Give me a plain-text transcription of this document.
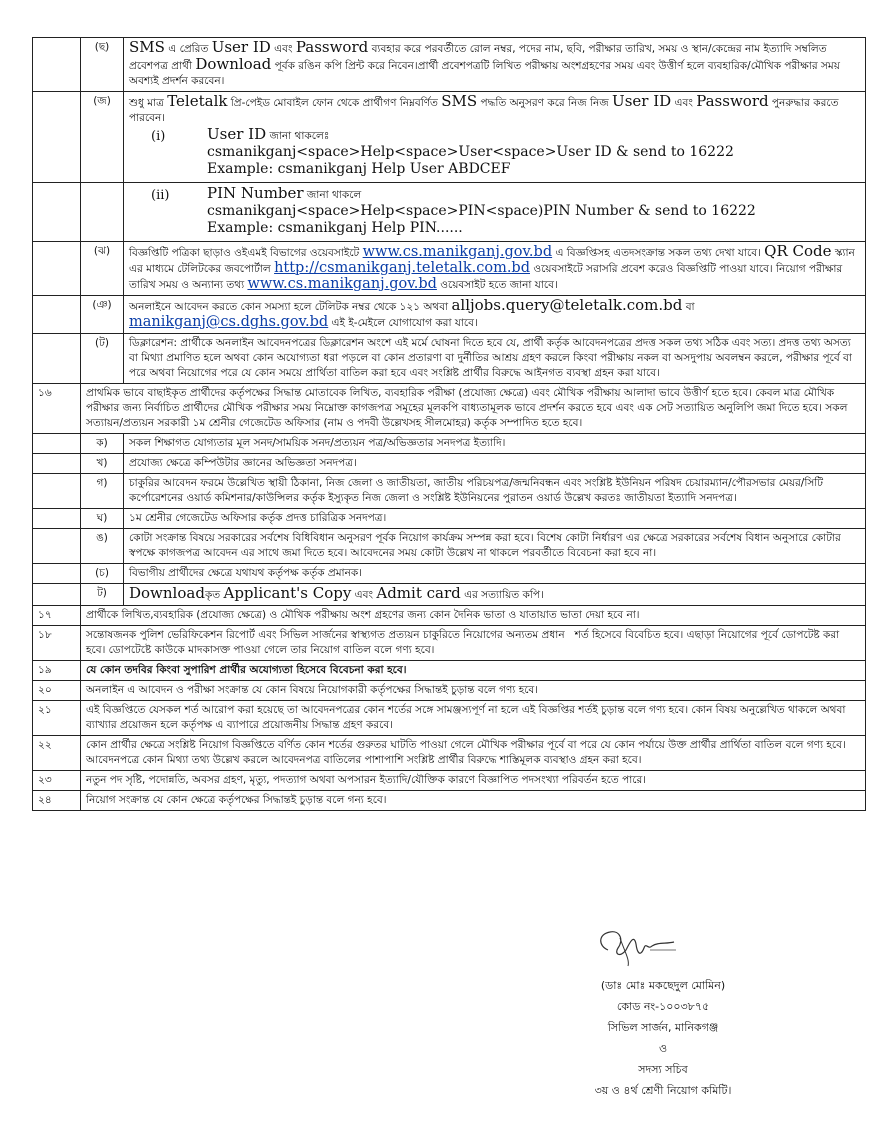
	(ছ)	SMS এ প্রেরিত User ID এবং Password ব্যবহার করে পরবর্তীতে রোল নম্বর, পদের নাম, ছবি, পরীক্ষার তারিখ, সময় ও স্থান/কেন্দ্রের নাম ইত্যাদি সম্বলিত প্রবেশপত্র প্রার্থী Download পূর্বক রঙিন কপি প্রিন্ট করে নিবেন।প্রার্থী প্রবেশপত্রটি লিখিত পরীক্ষায় অংশগ্রহণের সময় এবং উত্তীর্ণ হলে ব্যবহারিক/মৌখিক পরীক্ষার সময় অবশ্যই প্রদর্শন করবেন।
	(জ)	শুধু মাত্র Teletalk প্রি-পেইড মোবাইল ফোন থেকে প্রার্থীগণ নিম্নবর্ণিত SMS পদ্ধতি অনুসরণ করে নিজ নিজ User ID এবং Password পুনরুদ্ধার করতে পারবেন।
(i) User ID জানা থাকলেঃ
csmanikganj<space>Help<space>User<space>User ID & send to 16222
Example: csmanikganj Help User ABDCEF

		(ii) PIN Number জানা থাকলে
csmanikganj<space>Help<space>PIN<space)PIN Number & send to 16222
Example: csmanikganj Help PIN......

	(ঝ)	বিজ্ঞপ্তিটি পত্রিকা ছাড়াও ওইএমই বিভাগের ওয়েবসাইটে www.cs.manikganj.gov.bd এ বিজ্ঞপ্তিসহ এতদসংক্রান্ত সকল তথ্য দেখা যাবে। QR Code স্ক্যান এর মাধ্যমে টেলিটকের জবপোর্টাল http://csmanikganj.teletalk.com.bd ওয়েবসাইটে সরাসরি প্রবেশ করেও বিজ্ঞপ্তিটি পাওয়া যাবে। নিয়োগ পরীক্ষার তারিখ সময় ও অন্যান্য তথ্য www.cs.manikganj.gov.bd ওয়েবসাইট হতে জানা যাবে।
	(ঞ)	অনলাইনে আবেদন করতে কোন সমস্যা হলে টেলিটক নম্বর থেকে ১২১ অথবা alljobs.query@teletalk.com.bd বা manikganj@cs.dghs.gov.bd এই ই-মেইলে যোগাযোগ করা যাবে।
	(ট)	ডিক্লারেশন: প্রার্থীকে অনলাইন আবেদনপত্রের ডিক্লারেশন অংশে এই মর্মে ঘোষনা দিতে হবে যে, প্রার্থী কর্তৃক আবেদনপত্রের প্রদত্ত সকল তথ্য সঠিক এবং সত্য। প্রদত্ত তথ্য অসত্য বা মিথ্যা প্রমাণিত হলে অথবা কোন অযোগ্যতা ধরা পড়লে বা কোন প্রতারণা বা দুর্নীতির আশ্রয় গ্রহণ করলে কিংবা পরীক্ষায় নকল বা অসদুপায় অবলম্বন করলে, পরীক্ষার পূর্বে বা পরে অথবা নিয়োগের পরে যে কোন সময়ে প্রার্থিতা বাতিল করা হবে এবং সংশ্লিষ্ট প্রার্থীর বিরুদ্ধে আইনগত ব্যবস্থা গ্রহন করা যাবে।
১৬	প্রাথমিক ভাবে বাছাইকৃত প্রার্থীদের কর্তৃপক্ষের সিদ্ধান্ত মোতাবেক লিখিত, ব্যবহারিক পরীক্ষা (প্রযোজ্য ক্ষেত্রে) এবং মৌখিক পরীক্ষায় আলাদা ভাবে উত্তীর্ণ হতে হবে। কেবল মাত্র মৌখিক পরীক্ষার জন্য নির্বাচিত প্রার্থীদের মৌখিক পরীক্ষার সময় নিম্নোক্ত কাগজপত্র সমূহের মূলকপি বাধ্যতামূলক ভাবে প্রদর্শন করতে হবে এবং এক সেট সত্যায়িত অনুলিপি জমা দিতে হবে। সকল সত্যায়ন/প্রত্যয়ন সরকারী ১ম শ্রেনীর গেজেটেড অফিসার (নাম ও পদবী উল্লেখসহ সীলমোহর) কর্তৃক সম্পাদিত হতে হবে।	
	ক)	সকল শিক্ষাগত যোগ্যতার মূল সনদ/সাময়িক সনদ/প্রত্যয়ন পত্র/অভিজ্ঞতার সনদপত্র ইত্যাদি।
	খ)	প্রযোজ্য ক্ষেত্রে কম্পিউটার জ্ঞানের অভিজ্ঞতা সনদপত্র।
	গ)	চাকুরির আবেদন ফরমে উল্লেখিত স্থায়ী ঠিকানা, নিজ জেলা ও জাতীয়তা, জাতীয় পরিচয়পত্র/জন্মনিবন্ধন এবং সংশ্লিষ্ট ইউনিয়ন পরিষদ চেয়ারম্যান/পৌরসভার মেয়র/সিটি কর্পোরেশনের ওয়ার্ড কমিশনার/কাউন্সিলর কর্তৃক ইস্যুকৃত নিজ জেলা ও সংশ্লিষ্ট ইউনিয়নের পুরাতন ওয়ার্ড উল্লেখ করতঃ জাতীয়তা ইত্যাদি সনদপত্র।
	ঘ)	১ম শ্রেনীর গেজেটেড অফিসার কর্তৃক প্রদত্ত চারিত্রিক সনদপত্র।
	ঙ)	কোটা সংক্রান্ত বিষয়ে সরকারের সর্বশেষ বিধিবিধান অনুসরণ পূর্বক নিয়োগ কার্যক্রম সম্পন্ন করা হবে। বিশেষ কোটা নির্ধারণ এর ক্ষেত্রে সরকারের সর্বশেষ বিধান অনুসারে কোটার স্বপক্ষে কাগজপত্র আবেদন এর সাথে জমা দিতে হবে। আবেদনের সময় কোটা উল্লেখ না থাকলে পরবর্তীতে বিবেচনা করা হবে না।
	(চ)	বিভাগীয় প্রার্থীদের ক্ষেত্রে যথাযথ কর্তৃপক্ষ কর্তৃক প্রমানক।
	ট)	Downloadকৃত Applicant's Copy এবং Admit card এর সত্যায়িত কপি।
১৭	প্রার্থীকে লিখিত,ব্যবহারিক (প্রযোজ্য ক্ষেত্রে) ও মৌখিক পরীক্ষায় অংশ গ্রহণের জন্য কোন দৈনিক ভাতা ও যাতায়াত ভাতা দেয়া হবে না।	
১৮	সন্তোষজনক পুলিশ ভেরিফিকেশন রিপোর্ট এবং সিভিল সার্জনের স্বাস্থ্যগত প্রত্যয়ন চাকুরিতে নিয়োগের অন্যতম প্রধান   শর্ত হিসেবে বিবেচিত হবে। এছাড়া নিয়োগের পূর্বে ডোপটেষ্ট করা হবে। ডোপটেষ্টে কাউকে মাদকাসক্ত পাওয়া গেলে তার নিয়োগ বাতিল বলে গণ্য হবে।	
১৯	যে কোন তদবির কিংবা সুপারিশ প্রার্থীর অযোগ্যতা হিসেবে বিবেচনা করা হবে।	
২০	অনলাইন এ আবেদন ও পরীক্ষা সংক্রান্ত যে কোন বিষয়ে নিয়োগকারী কর্তৃপক্ষের সিদ্ধান্তই চুড়ান্ত বলে গণ্য হবে।	
২১	এই বিজ্ঞপ্তিতে যেসকল শর্ত আরোপ করা হয়েছে তা আবেদনপত্রের কোন শর্তের সঙ্গে সামঞ্জস্যপূর্ণ না হলে এই বিজ্ঞপ্তির শর্তই চুড়ান্ত বলে গণ্য হবে। কোন বিষয় অনুল্লেখিত থাকলে অথবা ব্যাখ্যার প্রয়োজন হলে কর্তৃপক্ষ এ ব্যাপারে প্রয়োজনীয় সিদ্ধান্ত গ্রহণ করবে।	
২২	কোন প্রার্থীর ক্ষেত্রে সংশ্লিষ্ট নিয়োগ বিজ্ঞপ্তিতে বর্ণিত কোন শর্তের গুরুতর ঘাটতি পাওয়া গেলে মৌখিক পরীক্ষার পূর্বে বা পরে যে কোন পর্যায়ে উক্ত প্রার্থীর প্রার্থিতা বাতিল বলে গণ্য হবে। আবেদনপত্রে কোন মিথ্যা তথ্য উল্লেখ করলে আবেদনপত্র বাতিলের পাশাপাশি সংশ্লিষ্ট প্রার্থীর বিরুদ্ধে শাস্তিমূলক ব্যবস্থাও গ্রহন করা হবে।	
২৩	নতুন পদ সৃষ্টি, পদোন্নতি, অবসর গ্রহণ, মৃত্যু, পদত্যাগ অথবা অপসারন ইত্যাদি/যৌক্তিক কারণে বিজ্ঞাপিত পদসংখ্যা পরিবর্তন হতে পারে।	
২৪	নিয়োগ সংক্রান্ত যে কোন ক্ষেত্রে কর্তৃপক্ষের সিদ্ধান্তই চুড়ান্ত বলে গন্য হবে।	
(ডাঃ মোঃ মকছেদুল মোমিন)
কোড নং-১০০৩৮৭৫
সিভিল সার্জন, মানিকগঞ্জ
ও
সদস্য সচিব
৩য় ও ৪র্থ শ্রেণী নিয়োগ কমিটি।
